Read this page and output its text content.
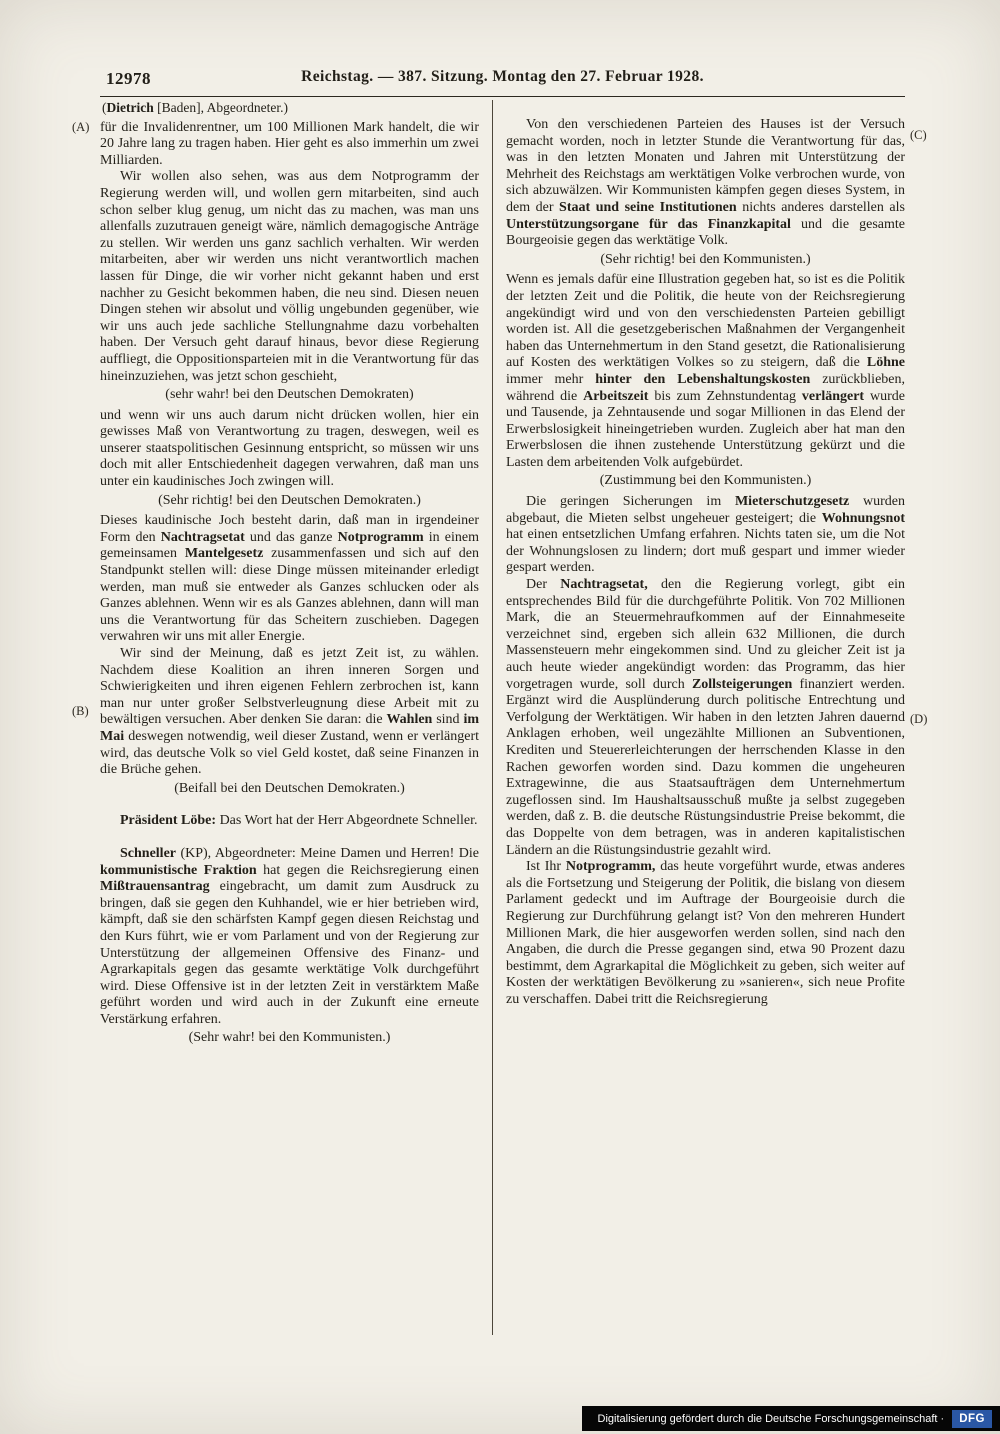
12978	Reichstag. — 387. Sitzung. Montag den 27. Februar 1928.

(Dietrich [Baden], Abgeordneter.)

für die Invalidenrentner, um 100 Millionen Mark handelt, die wir 20 Jahre lang zu tragen haben. Hier geht es also immerhin um zwei Milliarden.

Wir wollen also sehen, was aus dem Notprogramm der Regierung werden will, und wollen gern mitarbeiten, sind auch schon selber klug genug, um nicht das zu machen, was man uns allenfalls zuzutrauen geneigt wäre, nämlich demagogische Anträge zu stellen. Wir werden uns ganz sachlich verhalten. Wir werden mitarbeiten, aber wir werden uns nicht verantwortlich machen lassen für Dinge, die wir vorher nicht gekannt haben und erst nachher zu Gesicht bekommen haben, die neu sind. Diesen neuen Dingen stehen wir absolut und völlig ungebunden gegenüber, wie wir uns auch jede sachliche Stellungnahme dazu vorbehalten haben. Der Versuch geht darauf hinaus, bevor diese Regierung auffliegt, die Oppositionsparteien mit in die Verantwortung für das hineinzuziehen, was jetzt schon geschieht,

(sehr wahr! bei den Deutschen Demokraten)

und wenn wir uns auch darum nicht drücken wollen, hier ein gewisses Maß von Verantwortung zu tragen, deswegen, weil es unserer staatspolitischen Gesinnung entspricht, so müssen wir uns doch mit aller Entschiedenheit dagegen verwahren, daß man uns unter ein kaudinisches Joch zwingen will.

(Sehr richtig! bei den Deutschen Demokraten.)

Dieses kaudinische Joch besteht darin, daß man in irgendeiner Form den Nachtragsetat und das ganze Notprogramm in einem gemeinsamen Mantelgesetz zusammenfassen und sich auf den Standpunkt stellen will: diese Dinge müssen miteinander erledigt werden, man muß sie entweder als Ganzes schlucken oder als Ganzes ablehnen. Wenn wir es als Ganzes ablehnen, dann will man uns die Verantwortung für das Scheitern zuschieben. Dagegen verwahren wir uns mit aller Energie.

Wir sind der Meinung, daß es jetzt Zeit ist, zu wählen. Nachdem diese Koalition an ihren inneren Sorgen und Schwierigkeiten und ihren eigenen Fehlern zerbrochen ist, kann man nur unter großer Selbstverleugnung diese Arbeit mit zu bewältigen versuchen. Aber denken Sie daran: die Wahlen sind im Mai deswegen notwendig, weil dieser Zustand, wenn er verlängert wird, das deutsche Volk so viel Geld kostet, daß seine Finanzen in die Brüche gehen.

(Beifall bei den Deutschen Demokraten.)

Präsident Löbe: Das Wort hat der Herr Abgeordnete Schneller.

Schneller (KP), Abgeordneter: Meine Damen und Herren! Die kommunistische Fraktion hat gegen die Reichsregierung einen Mißtrauensantrag eingebracht, um damit zum Ausdruck zu bringen, daß sie gegen den Kuhhandel, wie er hier betrieben wird, kämpft, daß sie den schärfsten Kampf gegen diesen Reichstag und den Kurs führt, wie er vom Parlament und von der Regierung zur Unterstützung der allgemeinen Offensive des Finanz- und Agrarkapitals gegen das gesamte werktätige Volk durchgeführt wird. Diese Offensive ist in der letzten Zeit in verstärktem Maße geführt worden und wird auch in der Zukunft eine erneute Verstärkung erfahren.

(Sehr wahr! bei den Kommunisten.)

Von den verschiedenen Parteien des Hauses ist der Versuch gemacht worden, noch in letzter Stunde die Verantwortung für das, was in den letzten Monaten und Jahren mit Unterstützung der Mehrheit des Reichstags am werktätigen Volke verbrochen wurde, von sich abzuwälzen. Wir Kommunisten kämpfen gegen dieses System, in dem der Staat und seine Institutionen nichts anderes darstellen als Unterstützungsorgane für das Finanzkapital und die gesamte Bourgeoisie gegen das werktätige Volk.

(Sehr richtig! bei den Kommunisten.)

Wenn es jemals dafür eine Illustration gegeben hat, so ist es die Politik der letzten Zeit und die Politik, die heute von der Reichsregierung angekündigt wird und von den verschiedensten Parteien gebilligt worden ist. All die gesetzgeberischen Maßnahmen der Vergangenheit haben das Unternehmertum in den Stand gesetzt, die Rationalisierung auf Kosten des werktätigen Volkes so zu steigern, daß die Löhne immer mehr hinter den Lebenshaltungskosten zurückblieben, während die Arbeitszeit bis zum Zehnstundentag verlängert wurde und Tausende, ja Zehntausende und sogar Millionen in das Elend der Erwerbslosigkeit hineingetrieben wurden. Zugleich aber hat man den Erwerbslosen die ihnen zustehende Unterstützung gekürzt und die Lasten dem arbeitenden Volk aufgebürdet.

(Zustimmung bei den Kommunisten.)

Die geringen Sicherungen im Mieterschutzgesetz wurden abgebaut, die Mieten selbst ungeheuer gesteigert; die Wohnungsnot hat einen entsetzlichen Umfang erfahren. Nichts taten sie, um die Not der Wohnungslosen zu lindern; dort muß gespart und immer wieder gespart werden.

Der Nachtragsetat, den die Regierung vorlegt, gibt ein entsprechendes Bild für die durchgeführte Politik. Von 702 Millionen Mark, die an Steuermehraufkommen auf der Einnahmeseite verzeichnet sind, ergeben sich allein 632 Millionen, die durch Massensteuern mehr eingekommen sind. Und zu gleicher Zeit ist ja auch heute wieder angekündigt worden: das Programm, das hier vorgetragen wurde, soll durch Zollsteigerungen finanziert werden. Ergänzt wird die Ausplünderung durch politische Entrechtung und Verfolgung der Werktätigen. Wir haben in den letzten Jahren dauernd Anklagen erhoben, weil ungezählte Millionen an Subventionen, Krediten und Steuererleichterungen der herrschenden Klasse in den Rachen geworfen worden sind. Dazu kommen die ungeheuren Extragewinne, die aus Staatsaufträgen dem Unternehmertum zugeflossen sind. Im Haushaltsausschuß mußte ja selbst zugegeben werden, daß z. B. die deutsche Rüstungsindustrie Preise bekommt, die das Doppelte von dem betragen, was in anderen kapitalistischen Ländern an die Rüstungsindustrie gezahlt wird.

Ist Ihr Notprogramm, das heute vorgeführt wurde, etwas anderes als die Fortsetzung und Steigerung der Politik, die bislang von diesem Parlament gedeckt und im Auftrage der Bourgeoisie durch die Regierung zur Durchführung gelangt ist? Von den mehreren Hundert Millionen Mark, die hier ausgeworfen werden sollen, sind nach den Angaben, die durch die Presse gegangen sind, etwa 90 Prozent dazu bestimmt, dem Agrarkapital die Möglichkeit zu geben, sich weiter auf Kosten der werktätigen Bevölkerung zu »sanieren«, sich neue Profite zu verschaffen. Dabei tritt die Reichsregierung

(A)
(B)
(C)
(D)
Digitalisierung gefördert durch die Deutsche Forschungsgemeinschaft ·	DFG
